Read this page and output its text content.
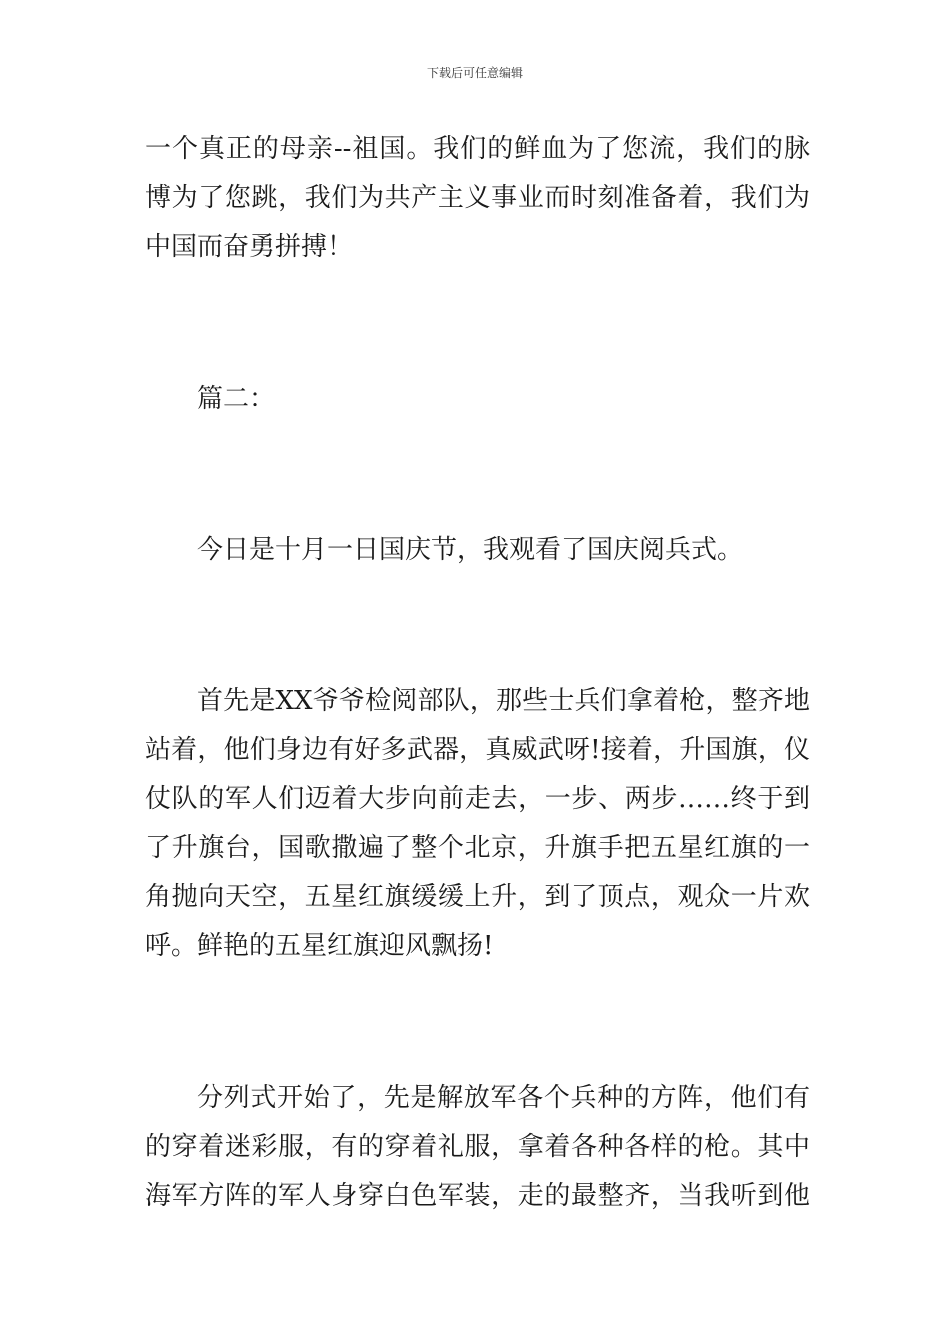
下载后可任意编辑
一个真正的母亲--祖国。我们的鲜血为了您流，我们的脉
博为了您跳，我们为共产主义事业而时刻准备着，我们为
中国而奋勇拼搏！
篇二：
今日是十月一日国庆节，我观看了国庆阅兵式。
首先是XX爷爷检阅部队，那些士兵们拿着枪，整齐地
站着，他们身边有好多武器，真威武呀!接着，升国旗，仪
仗队的军人们迈着大步向前走去，一步、两步……终于到
了升旗台，国歌撒遍了整个北京，升旗手把五星红旗的一
角抛向天空，五星红旗缓缓上升，到了顶点，观众一片欢
呼。鲜艳的五星红旗迎风飘扬!
分列式开始了，先是解放军各个兵种的方阵，他们有
的穿着迷彩服，有的穿着礼服，拿着各种各样的枪。其中
海军方阵的军人身穿白色军装，走的最整齐，当我听到他
